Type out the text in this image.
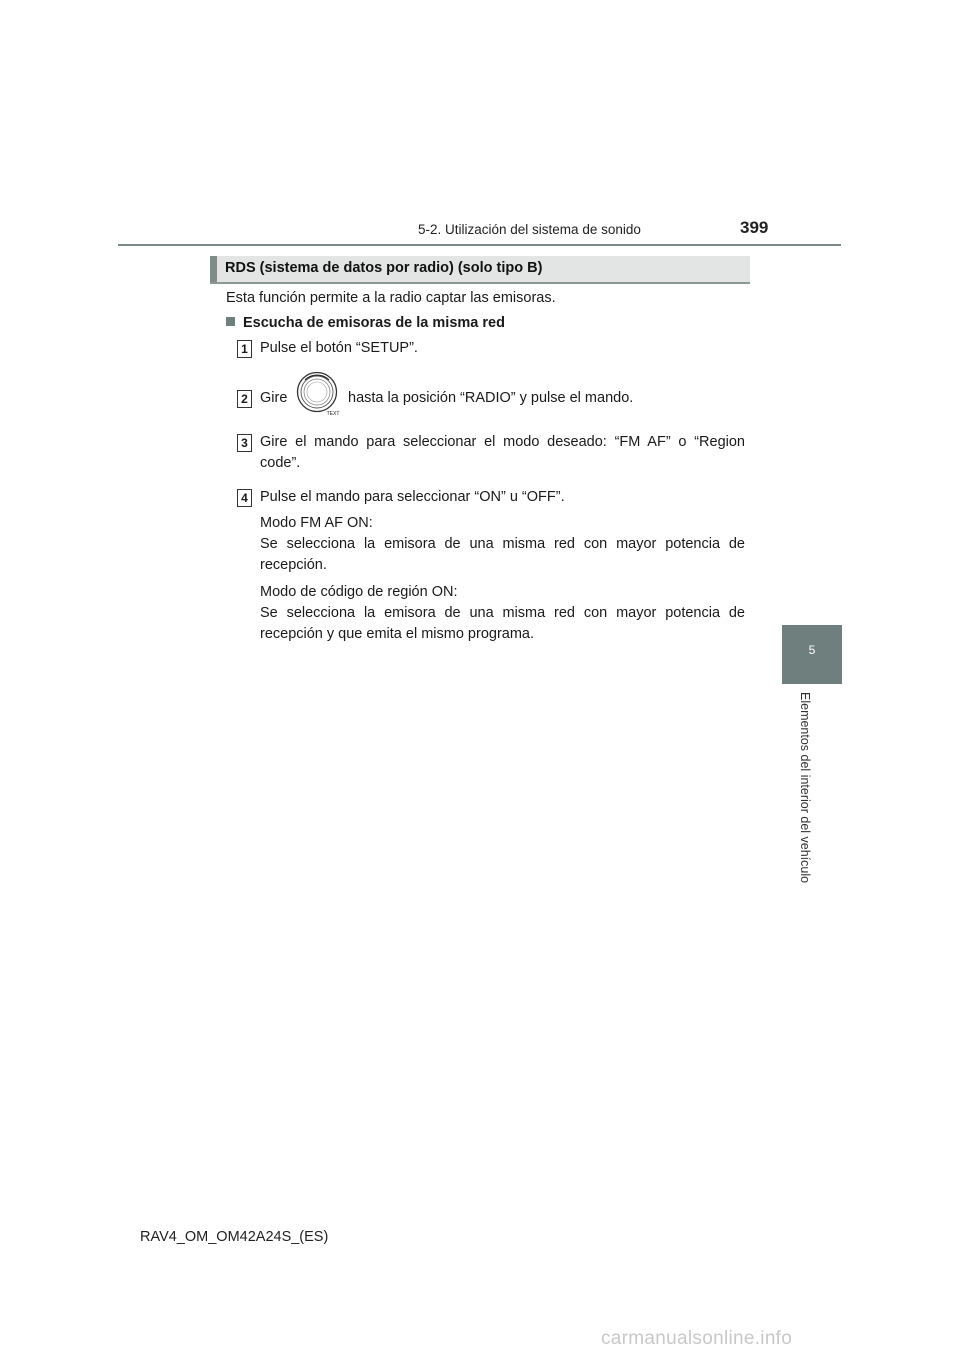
5-2. Utilización del sistema de sonido	399
5
Elementos del interior del vehículo
RDS (sistema de datos por radio) (solo tipo B)
Esta función permite a la radio captar las emisoras.
Escucha de emisoras de la misma red
1 Pulse el botón “SETUP”.
2 Gire
TEXT
hasta la posición “RADIO” y pulse el mando.
3 Gire el mando para seleccionar el modo deseado: “FM AF” o “Region code”.
4 Pulse el mando para seleccionar “ON” u “OFF”.
Modo FM AF ON:
Se selecciona la emisora de una misma red con mayor potencia de recepción.
Modo de código de región ON:
Se selecciona la emisora de una misma red con mayor potencia de recepción y que emita el mismo programa.
RAV4_OM_OM42A24S_(ES)
carmanualsonline.info
